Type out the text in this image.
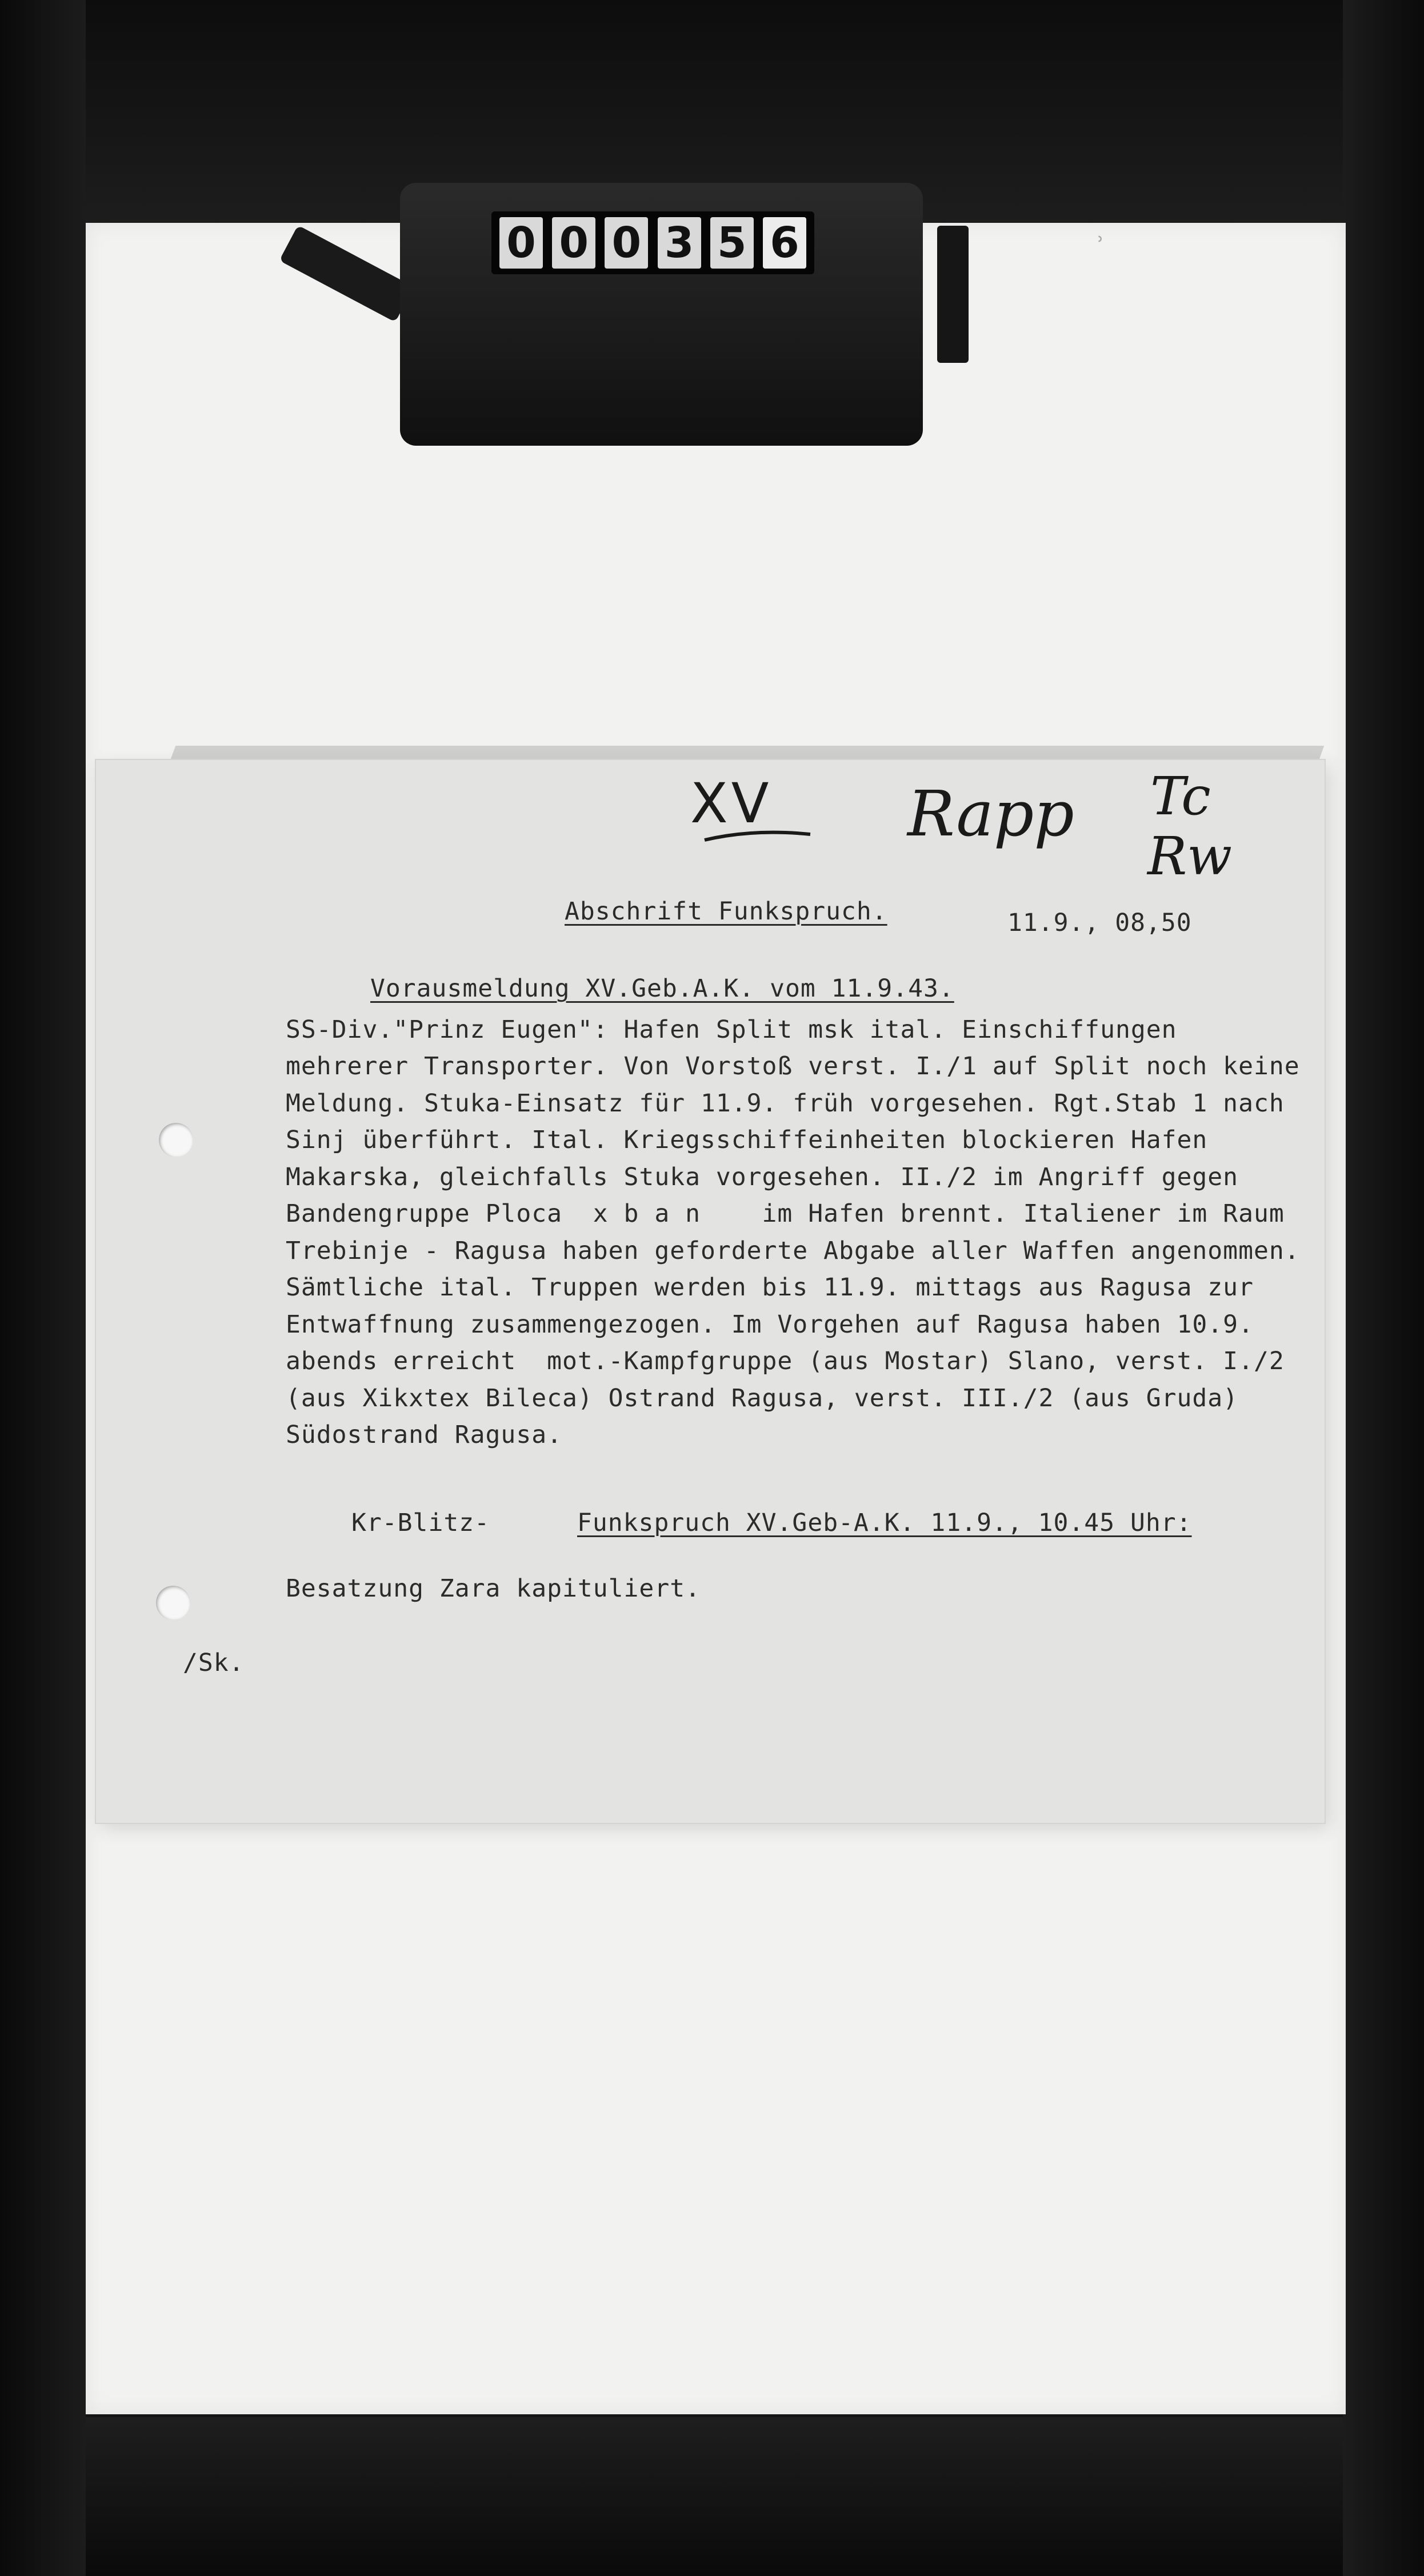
ʾ
0 0 0 3 5 6
XV Rapp Tc
Rw
Abschrift Funkspruch.	11.9., 08,50
Vorausmeldung XV.Geb.A.K. vom 11.9.43.

SS-Div."Prinz Eugen": Hafen Split msk ital. Einschiffungen

mehrerer Transporter. Von Vorstoß verst. I./1 auf Split noch keine

Meldung. Stuka-Einsatz für 11.9. früh vorgesehen. Rgt.Stab 1 nach

Sinj überführt. Ital. Kriegsschiffeinheiten blockieren Hafen

Makarska, gleichfalls Stuka vorgesehen. II./2 im Angriff gegen

Bandengruppe Ploca  x b a n    im Hafen brennt. Italiener im Raum

Trebinje - Ragusa haben geforderte Abgabe aller Waffen angenommen.

Sämtliche ital. Truppen werden bis 11.9. mittags aus Ragusa zur

Entwaffnung zusammengezogen. Im Vorgehen auf Ragusa haben 10.9.

abends erreicht  mot.-Kampfgruppe (aus Mostar) Slano, verst. I./2

(aus Xikxtex Bileca) Ostrand Ragusa, verst. III./2 (aus Gruda)

Südostrand Ragusa.

Kr-Blitz-	Funkspruch XV.Geb-A.K. 11.9., 10.45 Uhr:
Besatzung Zara kapituliert.
/Sk.
